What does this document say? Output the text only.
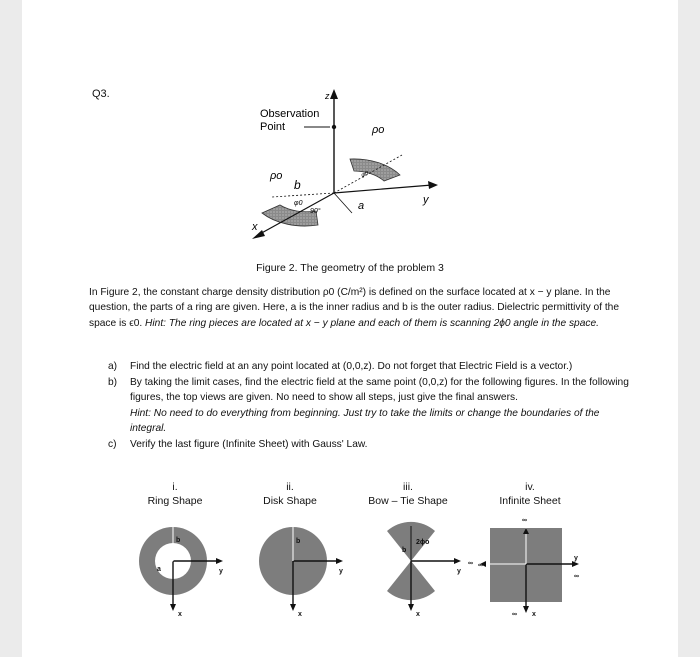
Q3.	z
y
x
Observation
Point	ρo
ρo
b
a
φ0
90°
φ0
Figure 2. The geometry of the problem 3
In Figure 2, the constant charge density distribution ρ0 (C/m²) is defined on the surface located at x − y plane. In the question, the parts of a ring are given. Here, a is the inner radius and b is the outer radius. Dielectric permittivity of the space is ϵ0. Hint: The ring pieces are located at x − y plane and each of them is scanning 2ϕ0 angle in the space.
a) Find the electric field at an any point located at (0,0,z). Do not forget that Electric Field is a vector.)
b) By taking the limit cases, find the electric field at the same point (0,0,z) for the following figures. In the following figures, the top views are given. No need to show all steps, just give the final answers.
Hint: No need to do everything from beginning. Just try to take the limits or change the boundaries of the integral.
c) Verify the last figure (Infinite Sheet) with Gauss' Law.
i.
Ring Shape
ii.
Disk Shape
iii.
Bow – Tie Shape
iv.
Infinite Sheet
b
a	y
x
b
y
x
2ϕo
b
y
x
∞
∞
∞
y
∞
x
∞
